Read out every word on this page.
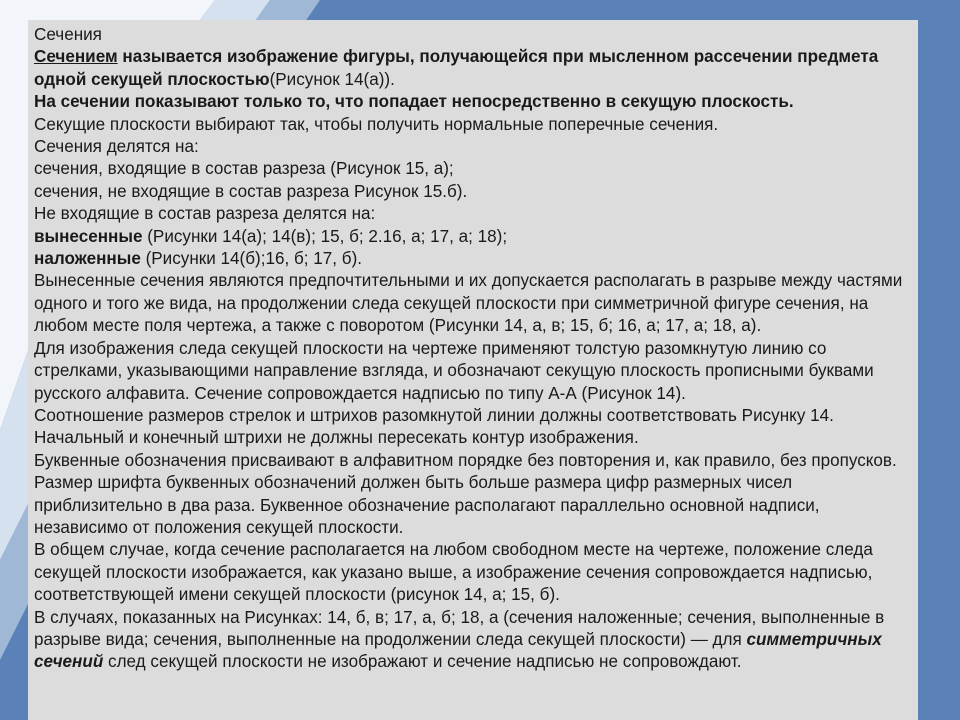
Сечения

Сечением называется изображение фигуры, получающейся при мысленном рассечении предмета одной секущей плоскостью(Рисунок 14(а)).

На сечении показывают только то, что попадает непосредственно в секущую плоскость.

Секущие плоскости выбирают так, чтобы получить нормальные поперечные сечения.

Сечения делятся на:

сечения, входящие в состав разреза (Рисунок 15, а);

сечения, не входящие в состав разреза Рисунок 15.б).

Не входящие в состав разреза делятся на:

вынесенные (Рисунки 14(а); 14(в); 15, б; 2.16, а; 17, а; 18);

наложенные (Рисунки 14(б);16, б; 17, б).

Вынесенные сечения являются предпочтительными и их допускается располагать в разрыве между частями одного и того же вида, на продолжении следа секущей плоскости при симметричной фигуре сечения, на любом месте поля чертежа, а также с поворотом (Рисунки 14, а, в; 15, б; 16, а; 17, а; 18, а).

Для изображения следа секущей плоскости на чертеже применяют толстую разомкнутую линию со стрелками, указывающими направление взгляда, и обозначают секущую плоскость прописными буквами русского алфавита. Сечение сопровождается надписью по типу А-А (Рисунок 14).

Соотношение размеров стрелок и штрихов разомкнутой линии должны соответствовать Рисунку 14. Начальный и конечный штрихи не должны пересекать контур изображения.

Буквенные обозначения присваивают в алфавитном порядке без повторения и, как правило, без пропусков. Размер шрифта буквенных обозначений должен быть больше размера цифр размерных чисел приблизительно в два раза. Буквенное обозначение располагают параллельно основной надписи, независимо от положения секущей плоскости.

В общем случае, когда сечение располагается на любом свободном месте на чертеже, положение следа секущей плоскости изображается, как указано выше, а изображение сечения сопровождается надписью, соответствующей имени секущей плоскости (рисунок 14, а; 15, б).

В случаях, показанных на Рисунках: 14, б, в; 17, а, б; 18, а (сечения наложенные; сечения, выполненные в разрыве вида; сечения, выполненные на продолжении следа секущей плоскости) — для симметричных сечений след секущей плоскости не изображают и сечение надписью не сопровождают.
